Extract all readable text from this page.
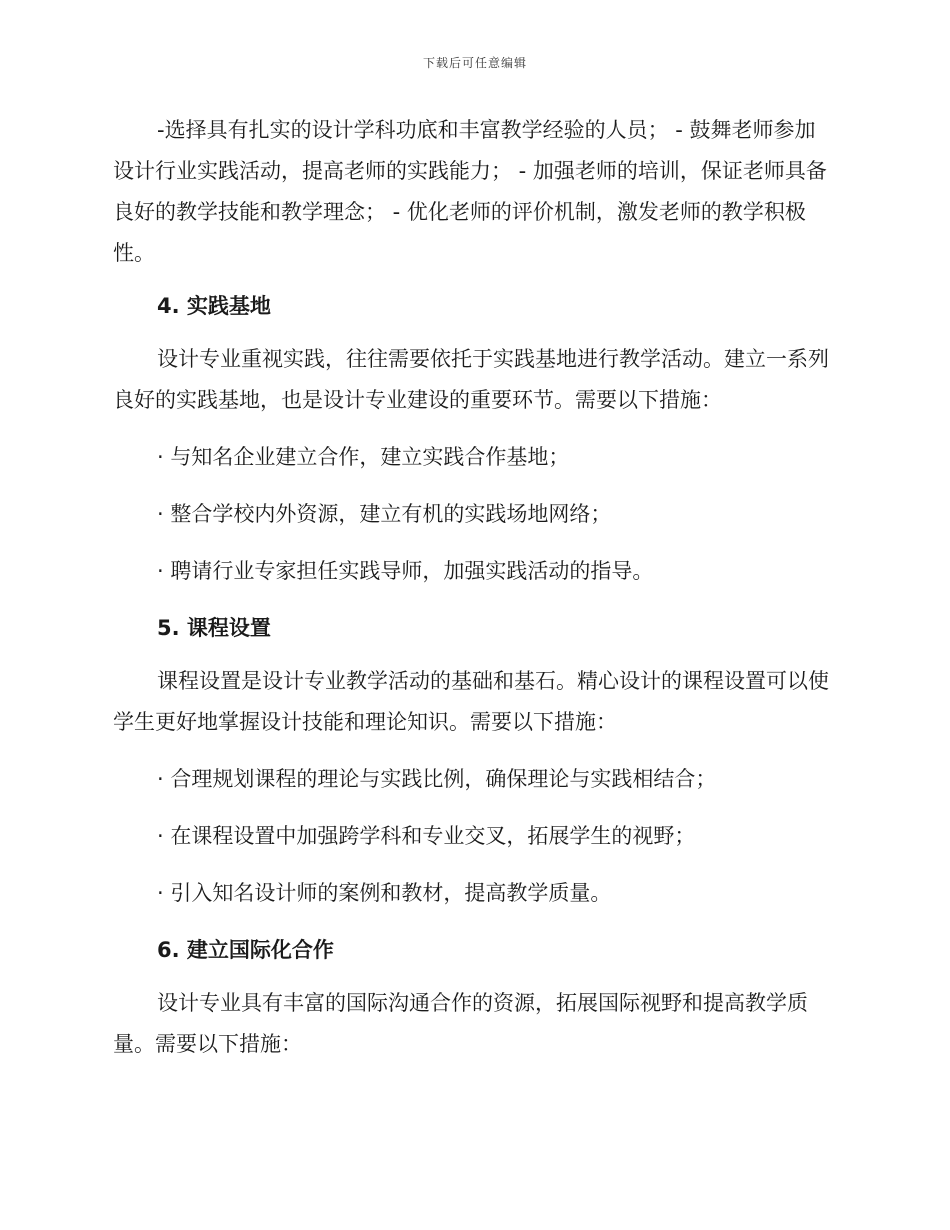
下载后可任意编辑

-选择具有扎实的设计学科功底和丰富教学经验的人员； - 鼓舞老师参加设计行业实践活动，提高老师的实践能力； - 加强老师的培训，保证老师具备良好的教学技能和教学理念； - 优化老师的评价机制，激发老师的教学积极性。

4. 实践基地

设计专业重视实践，往往需要依托于实践基地进行教学活动。建立一系列良好的实践基地，也是设计专业建设的重要环节。需要以下措施：

· 与知名企业建立合作，建立实践合作基地；

· 整合学校内外资源，建立有机的实践场地网络；

· 聘请行业专家担任实践导师，加强实践活动的指导。

5. 课程设置

课程设置是设计专业教学活动的基础和基石。精心设计的课程设置可以使学生更好地掌握设计技能和理论知识。需要以下措施：

· 合理规划课程的理论与实践比例，确保理论与实践相结合；

· 在课程设置中加强跨学科和专业交叉，拓展学生的视野；

· 引入知名设计师的案例和教材，提高教学质量。

6. 建立国际化合作

设计专业具有丰富的国际沟通合作的资源，拓展国际视野和提高教学质量。需要以下措施：
